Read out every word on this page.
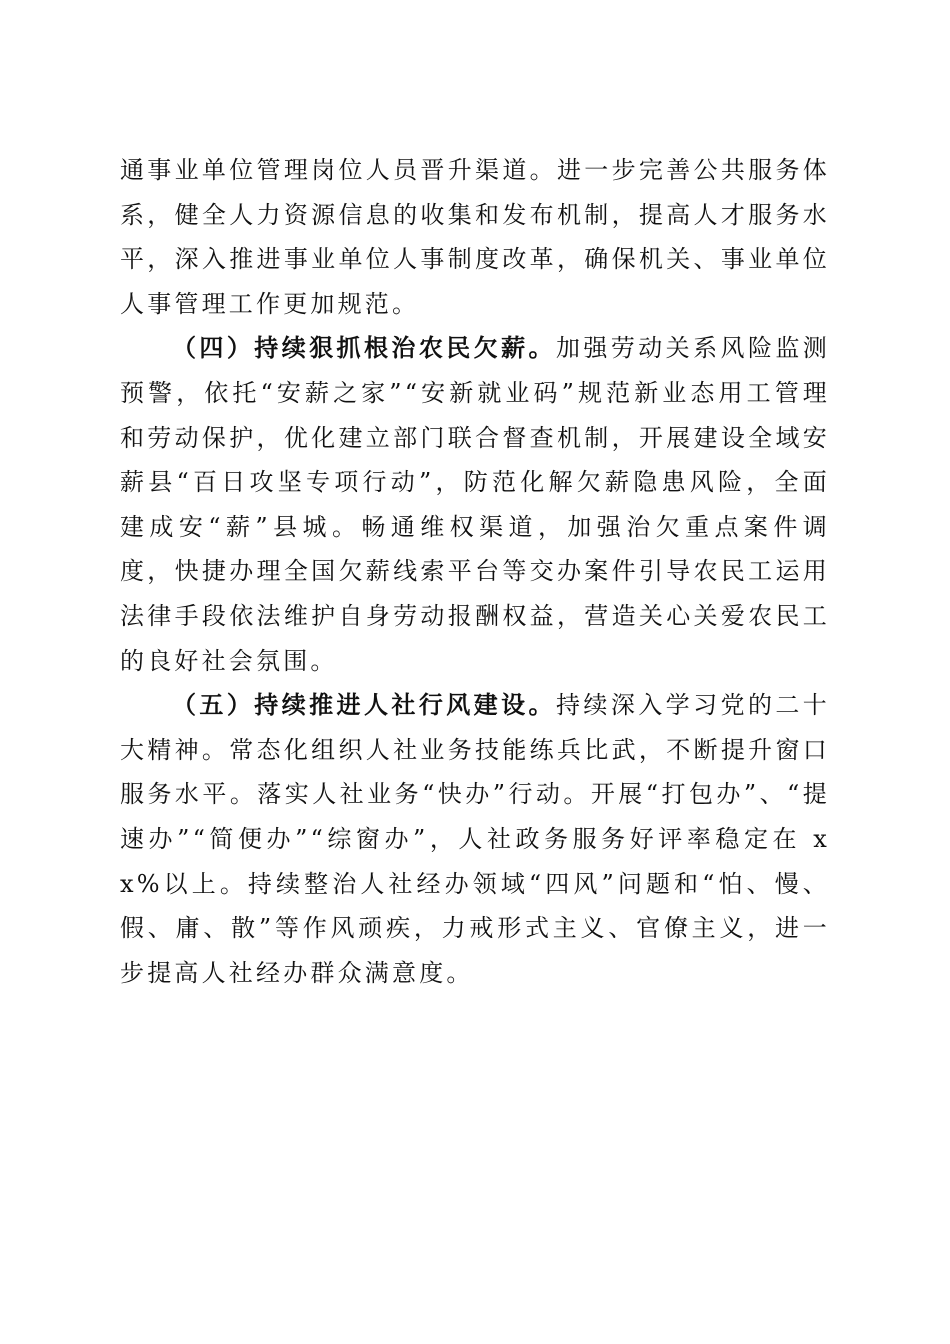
通事业单位管理岗位人员晋升渠道。进一步完善公共服务体系，健全人力资源信息的收集和发布机制，提高人才服务水平，深入推进事业单位人事制度改革，确保机关、事业单位人事管理工作更加规范。

（四）持续狠抓根治农民欠薪。加强劳动关系风险监测预警，依托“安薪之家”“安新就业码”规范新业态用工管理和劳动保护，优化建立部门联合督查机制，开展建设全域安薪县“百日攻坚专项行动”，防范化解欠薪隐患风险，全面建成安“薪”县城。畅通维权渠道，加强治欠重点案件调度，快捷办理全国欠薪线索平台等交办案件引导农民工运用法律手段依法维护自身劳动报酬权益，营造关心关爱农民工的良好社会氛围。

（五）持续推进人社行风建设。持续深入学习党的二十大精神。常态化组织人社业务技能练兵比武，不断提升窗口服务水平。落实人社业务“快办”行动。开展“打包办”、“提速办”“简便办”“综窗办”，人社政务服务好评率稳定在 xx%以上。持续整治人社经办领域“四风”问题和“怕、慢、假、庸、散”等作风顽疾，力戒形式主义、官僚主义，进一步提高人社经办群众满意度。
